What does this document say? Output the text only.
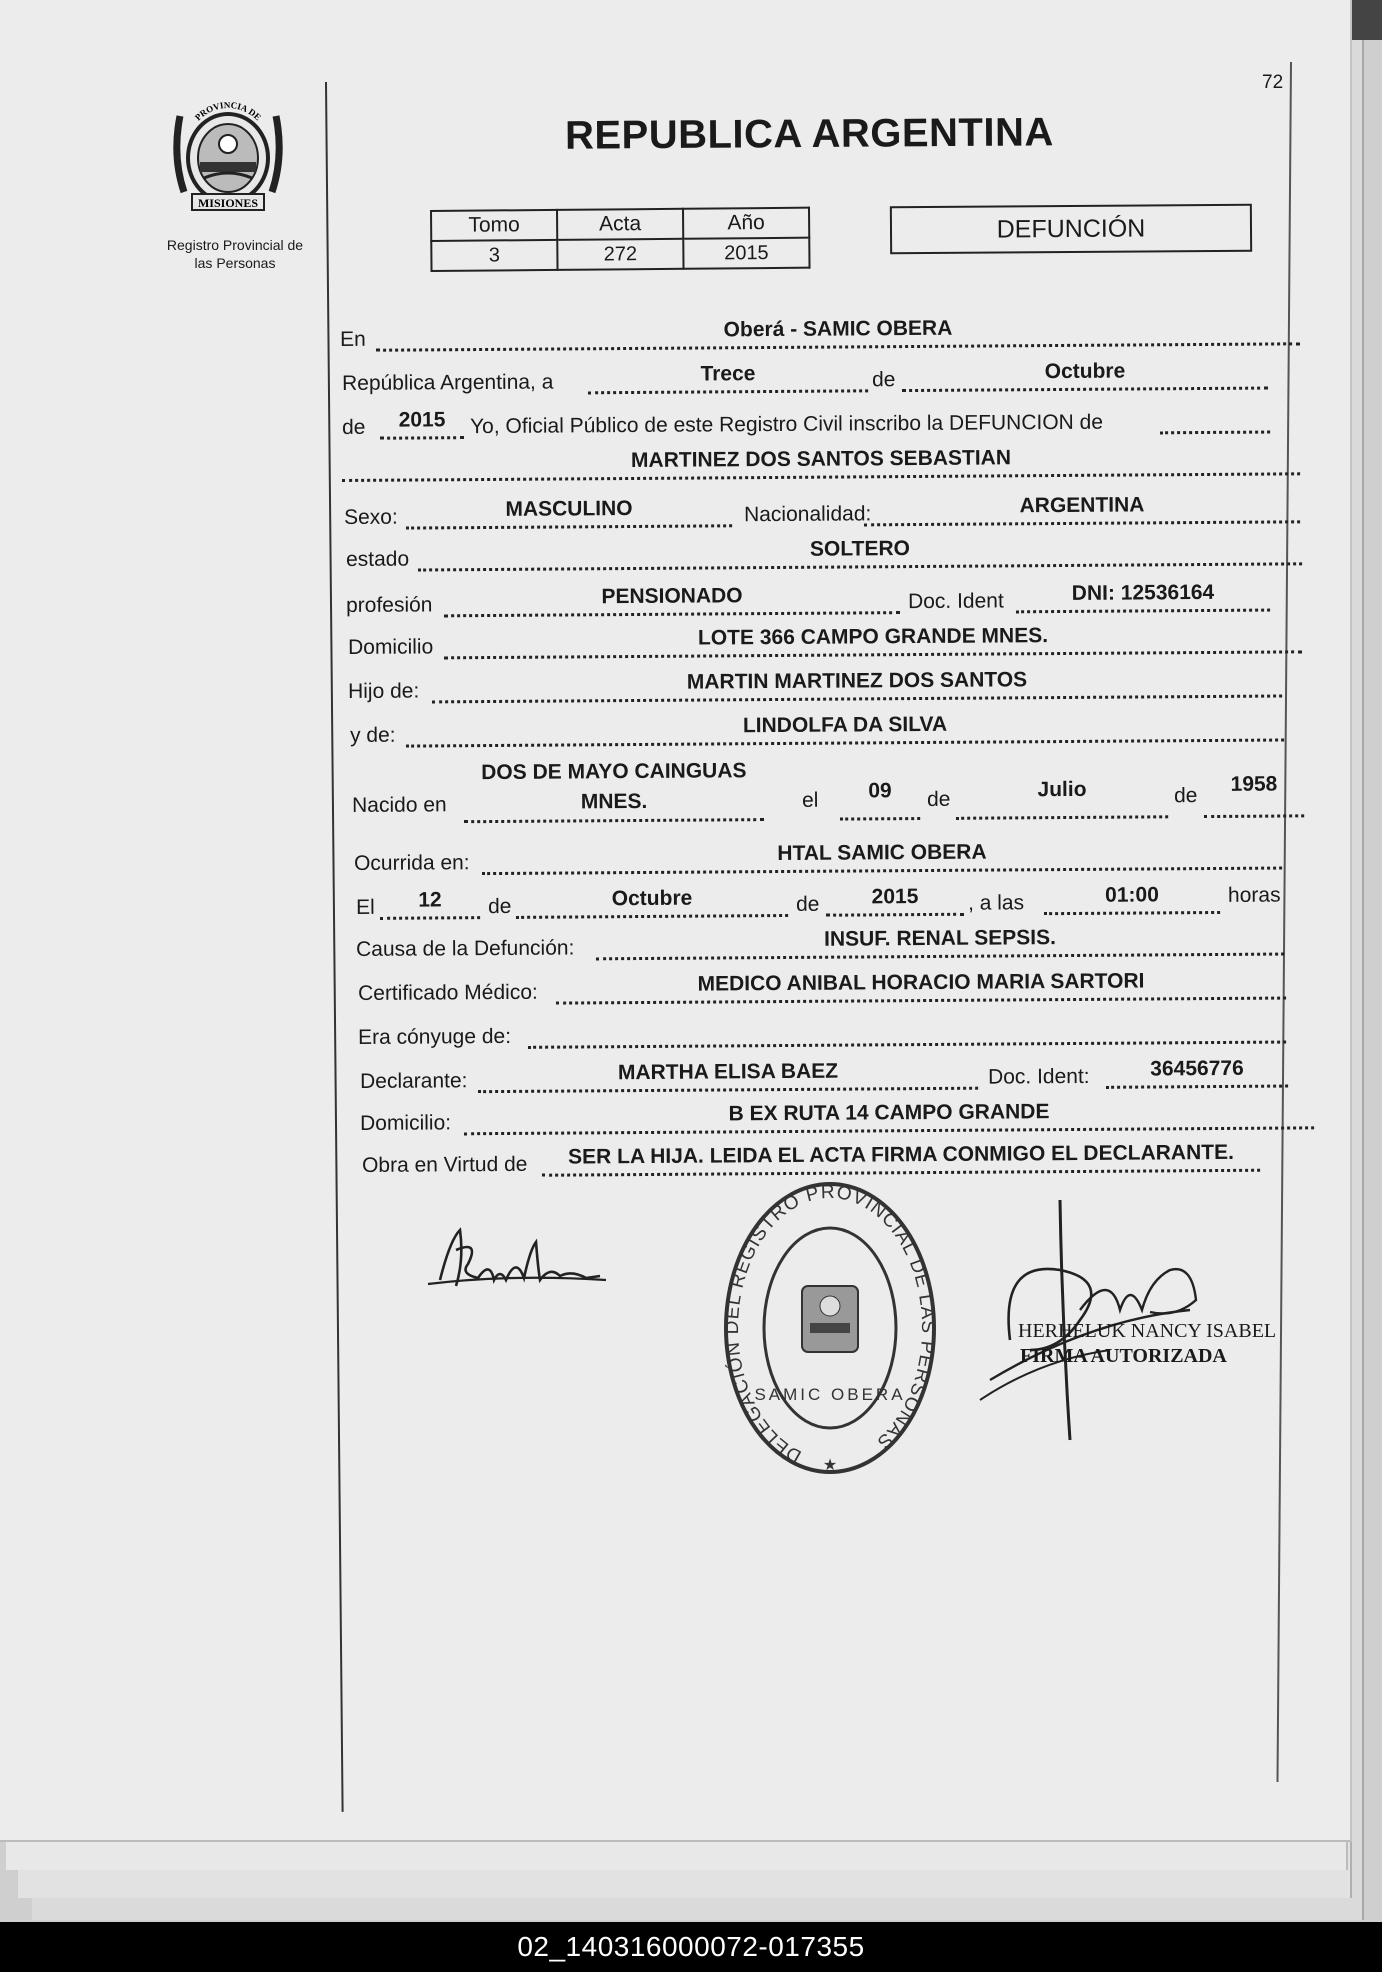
72
MISIONES
PROVINCIA DE
Registro Provincial de
las Personas
REPUBLICA ARGENTINA
Tomo	Acta	Año
3	272	2015
DEFUNCIÓN
En	Oberá - SAMIC OBERA
República Argentina, a	Trece	de	Octubre
de	2015	Yo, Oficial Público de este Registro Civil inscribo la DEFUNCION de
MARTINEZ DOS SANTOS SEBASTIAN
Sexo:	MASCULINO	Nacionalidad:	ARGENTINA
estado	SOLTERO
profesión	PENSIONADO	Doc. Ident	DNI: 12536164
Domicilio	LOTE 366 CAMPO GRANDE MNES.
Hijo de:	MARTIN MARTINEZ DOS SANTOS
y de:	LINDOLFA DA SILVA
Nacido en
DOS DE MAYO CAINGUAS MNES.	el	09	de	Julio	de	1958
Ocurrida en:	HTAL SAMIC OBERA
El	12	de	Octubre	de	2015	, a las	01:00	horas
Causa de la Defunción:	INSUF. RENAL SEPSIS.
Certificado Médico:	MEDICO ANIBAL HORACIO MARIA SARTORI
Era cónyuge de:
Declarante:	MARTHA ELISA BAEZ	Doc. Ident:	36456776
Domicilio:	B EX RUTA 14 CAMPO GRANDE
Obra en Virtud de	SER LA HIJA. LEIDA EL ACTA FIRMA CONMIGO EL DECLARANTE.
DELEGACIÓN DEL REGISTRO PROVINCIAL DE LAS PERSONAS
SAMIC OBERA
★
HERHELUK NANCY ISABEL
FIRMA AUTORIZADA
02_140316000072-017355
